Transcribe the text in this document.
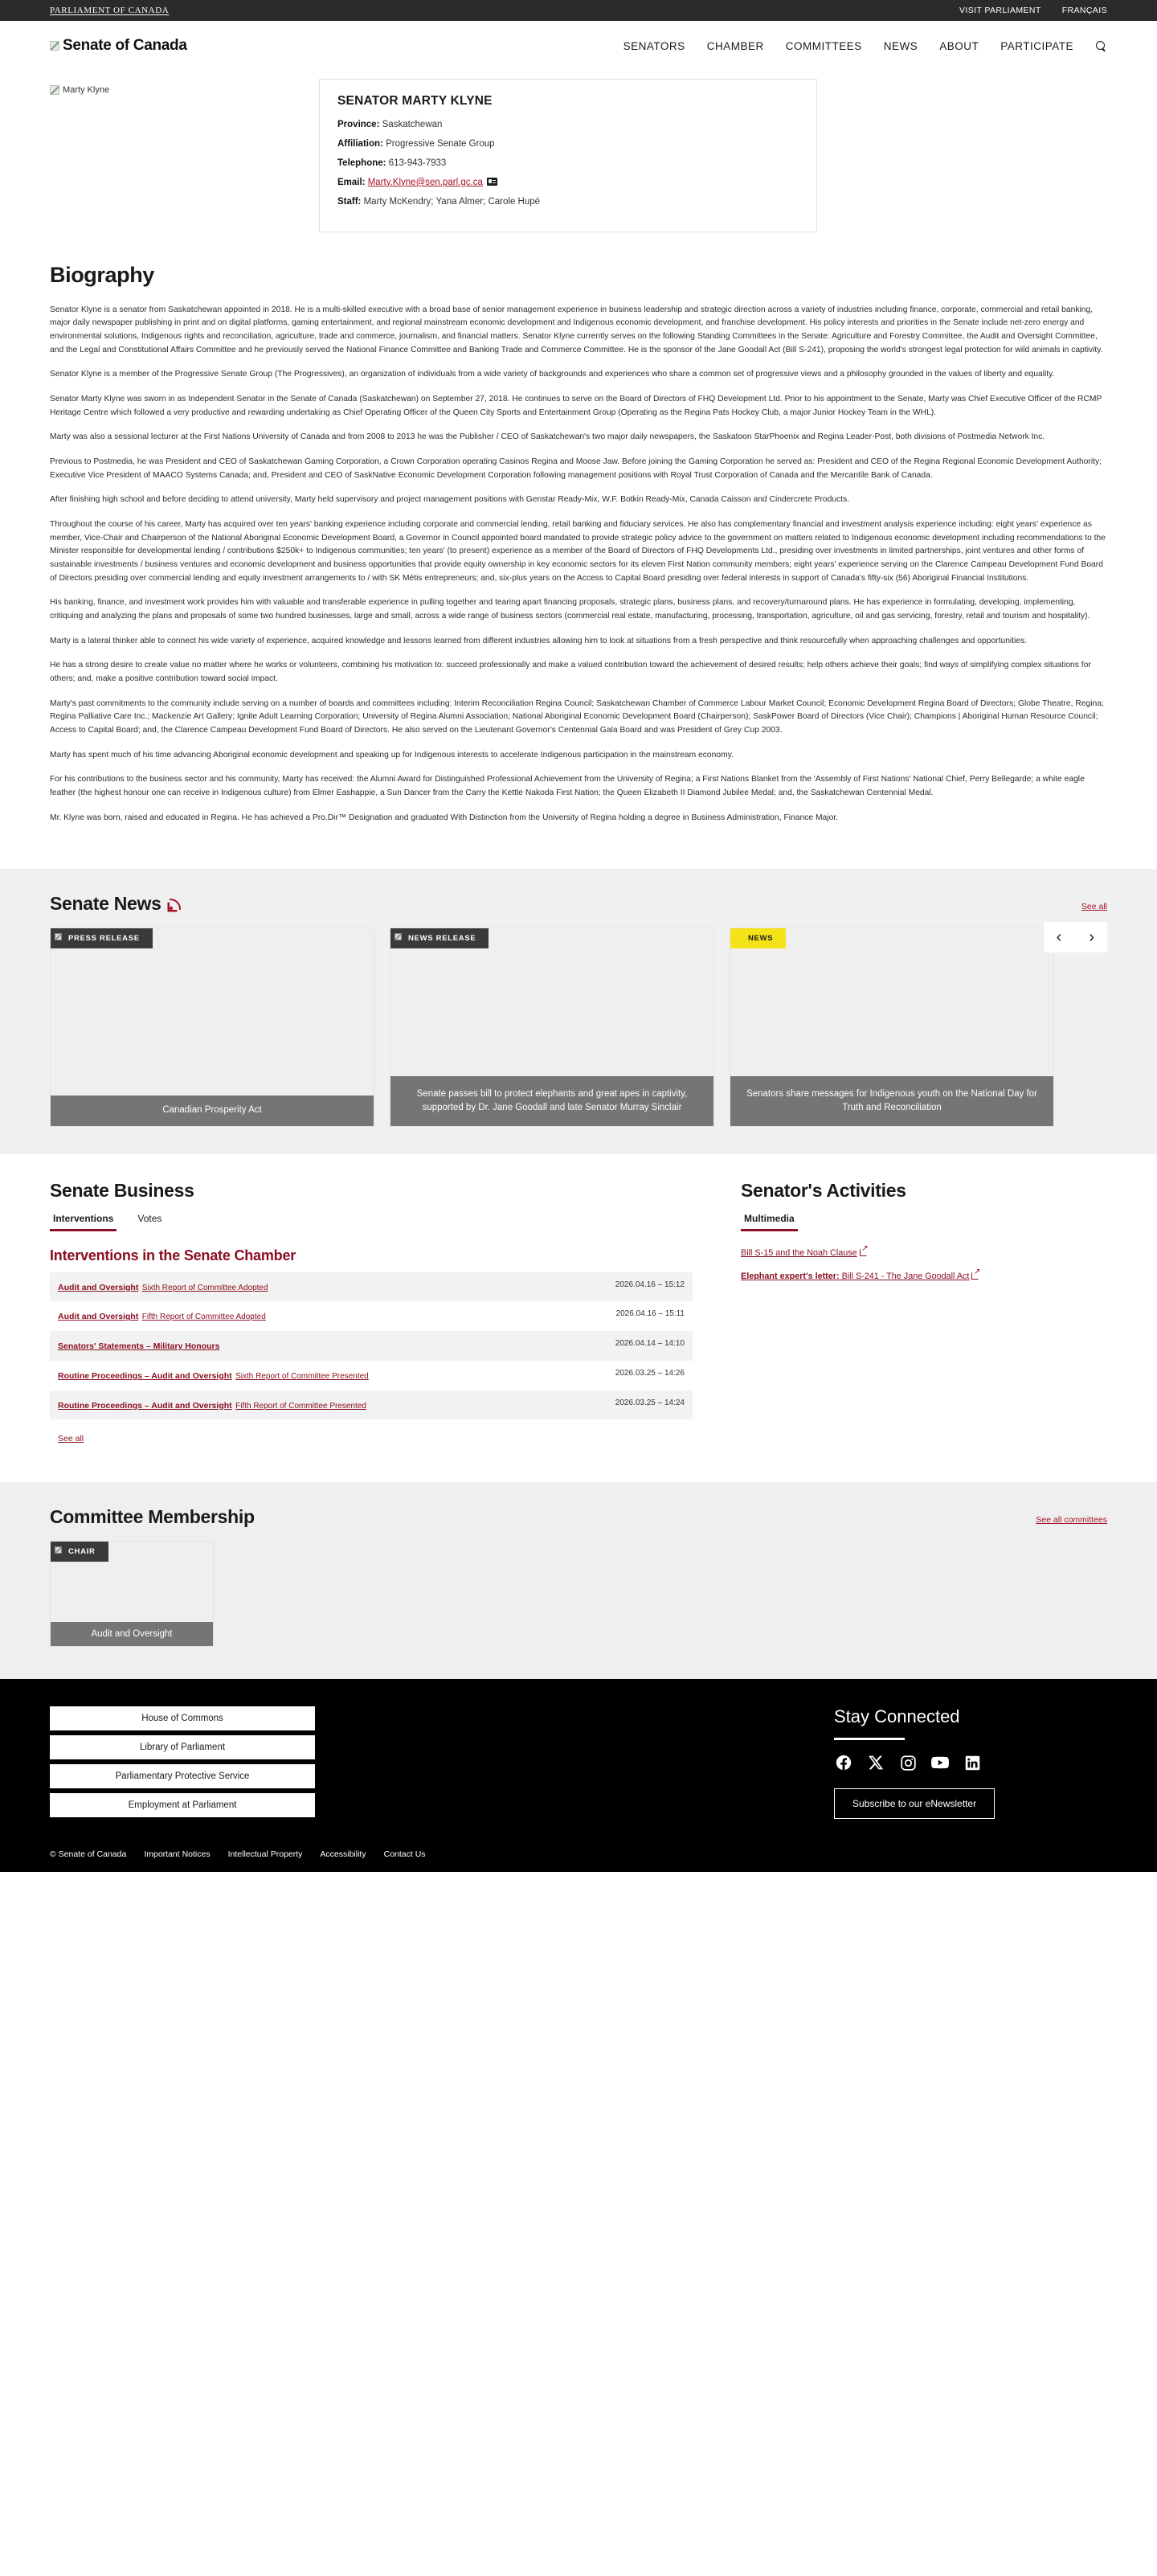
PARLIAMENT OF CANADA	VISIT PARLIAMENT FRANÇAIS
Senate of Canada	SENATORS CHAMBER COMMITTEES NEWS ABOUT PARTICIPATE
Marty Klyne
SENATOR MARTY KLYNE
Province: Saskatchewan
Affiliation: Progressive Senate Group
Telephone: 613-943-7933
Email: Marty.Klyne@sen.parl.gc.ca
Staff: Marty McKendry; Yana Almer; Carole Hupé
Biography

Senator Klyne is a senator from Saskatchewan appointed in 2018. He is a multi-skilled executive with a broad base of senior management experience in business leadership and strategic direction across a variety of industries including finance, corporate, commercial and retail banking, major daily newspaper publishing in print and on digital platforms, gaming entertainment, and regional mainstream economic development and Indigenous economic development, and franchise development. His policy interests and priorities in the Senate include net-zero energy and environmental solutions, Indigenous rights and reconciliation, agriculture, trade and commerce, journalism, and financial matters. Senator Klyne currently serves on the following Standing Committees in the Senate: Agriculture and Forestry Committee, the Audit and Oversight Committee, and the Legal and Constitutional Affairs Committee and he previously served the National Finance Committee and Banking Trade and Commerce Committee. He is the sponsor of the Jane Goodall Act (Bill S-241), proposing the world's strongest legal protection for wild animals in captivity.

Senator Klyne is a member of the Progressive Senate Group (The Progressives), an organization of individuals from a wide variety of backgrounds and experiences who share a common set of progressive views and a philosophy grounded in the values of liberty and equality.

Senator Marty Klyne was sworn in as Independent Senator in the Senate of Canada (Saskatchewan) on September 27, 2018. He continues to serve on the Board of Directors of FHQ Development Ltd. Prior to his appointment to the Senate, Marty was Chief Executive Officer of the RCMP Heritage Centre which followed a very productive and rewarding undertaking as Chief Operating Officer of the Queen City Sports and Entertainment Group (Operating as the Regina Pats Hockey Club, a major Junior Hockey Team in the WHL).

Marty was also a sessional lecturer at the First Nations University of Canada and from 2008 to 2013 he was the Publisher / CEO of Saskatchewan's two major daily newspapers, the Saskatoon StarPhoenix and Regina Leader-Post, both divisions of Postmedia Network Inc.

Previous to Postmedia, he was President and CEO of Saskatchewan Gaming Corporation, a Crown Corporation operating Casinos Regina and Moose Jaw. Before joining the Gaming Corporation he served as: President and CEO of the Regina Regional Economic Development Authority; Executive Vice President of MAACO Systems Canada; and, President and CEO of SaskNative Economic Development Corporation following management positions with Royal Trust Corporation of Canada and the Mercantile Bank of Canada.

After finishing high school and before deciding to attend university, Marty held supervisory and project management positions with Genstar Ready-Mix, W.F. Botkin Ready-Mix, Canada Caisson and Cindercrete Products.

Throughout the course of his career, Marty has acquired over ten years' banking experience including corporate and commercial lending, retail banking and fiduciary services. He also has complementary financial and investment analysis experience including: eight years' experience as member, Vice-Chair and Chairperson of the National Aboriginal Economic Development Board, a Governor in Council appointed board mandated to provide strategic policy advice to the government on matters related to Indigenous economic development including recommendations to the Minister responsible for developmental lending / contributions $250k+ to Indigenous communities; ten years' (to present) experience as a member of the Board of Directors of FHQ Developments Ltd., presiding over investments in limited partnerships, joint ventures and other forms of sustainable investments / business ventures and economic development and business opportunities that provide equity ownership in key economic sectors for its eleven First Nation community members; eight years' experience serving on the Clarence Campeau Development Fund Board of Directors presiding over commercial lending and equity investment arrangements to / with SK Métis entrepreneurs; and, six-plus years on the Access to Capital Board presiding over federal interests in support of Canada's fifty-six (56) Aboriginal Financial Institutions.

His banking, finance, and investment work provides him with valuable and transferable experience in pulling together and tearing apart financing proposals, strategic plans, business plans, and recovery/turnaround plans. He has experience in formulating, developing, implementing, critiquing and analyzing the plans and proposals of some two hundred businesses, large and small, across a wide range of business sectors (commercial real estate, manufacturing, processing, transportation, agriculture, oil and gas servicing, forestry, retail and tourism and hospitality).

Marty is a lateral thinker able to connect his wide variety of experience, acquired knowledge and lessons learned from different industries allowing him to look at situations from a fresh perspective and think resourcefully when approaching challenges and opportunities.

He has a strong desire to create value no matter where he works or volunteers, combining his motivation to: succeed professionally and make a valued contribution toward the achievement of desired results; help others achieve their goals; find ways of simplifying complex situations for others; and, make a positive contribution toward social impact.

Marty's past commitments to the community include serving on a number of boards and committees including: Interim Reconciliation Regina Council; Saskatchewan Chamber of Commerce Labour Market Council; Economic Development Regina Board of Directors; Globe Theatre, Regina; Regina Palliative Care Inc.; Mackenzie Art Gallery; Ignite Adult Learning Corporation; University of Regina Alumni Association; National Aboriginal Economic Development Board (Chairperson); SaskPower Board of Directors (Vice Chair); Champions | Aboriginal Human Resource Council; Access to Capital Board; and, the Clarence Campeau Development Fund Board of Directors. He also served on the Lieutenant Governor's Centennial Gala Board and was President of Grey Cup 2003.

Marty has spent much of his time advancing Aboriginal economic development and speaking up for Indigenous interests to accelerate Indigenous participation in the mainstream economy.

For his contributions to the business sector and his community, Marty has received: the Alumni Award for Distinguished Professional Achievement from the University of Regina; a First Nations Blanket from the 'Assembly of First Nations' National Chief, Perry Bellegarde; a white eagle feather (the highest honour one can receive in Indigenous culture) from Elmer Eashappie, a Sun Dancer from the Carry the Kettle Nakoda First Nation; the Queen Elizabeth II Diamond Jubilee Medal; and, the Saskatchewan Centennial Medal.

Mr. Klyne was born, raised and educated in Regina. He has achieved a Pro.Dir™ Designation and graduated With Distinction from the University of Regina holding a degree in Business Administration, Finance Major.

Senate News	See all
‹	›
PRESS RELEASE
Canadian Prosperity Act
NEWS RELEASE
Senate passes bill to protect elephants and great apes in captivity, supported by Dr. Jane Goodall and late Senator Murray Sinclair
NEWS
Senators share messages for Indigenous youth on the National Day for Truth and Reconciliation
Senate Business
Interventions	Votes
Interventions in the Senate Chamber
Audit and Oversight Sixth Report of Committee Adopted	2026.04.16 – 15:12
Audit and Oversight Fifth Report of Committee Adopted	2026.04.16 – 15:11
Senators' Statements – Military Honours	2026.04.14 – 14:10
Routine Proceedings – Audit and Oversight Sixth Report of Committee Presented	2026.03.25 – 14:26
Routine Proceedings – Audit and Oversight Fifth Report of Committee Presented	2026.03.25 – 14:24
See all
Senator's Activities
Multimedia
Bill S-15 and the Noah Clause↗
Elephant expert's letter: Bill S-241 - The Jane Goodall Act↗
Committee Membership	See all committees
CHAIR
Audit and Oversight
House of Commons
Library of Parliament
Parliamentary Protective Service
Employment at Parliament
Stay Connected
Subscribe to our eNewsletter
© Senate of Canada Important Notices Intellectual Property Accessibility Contact Us
